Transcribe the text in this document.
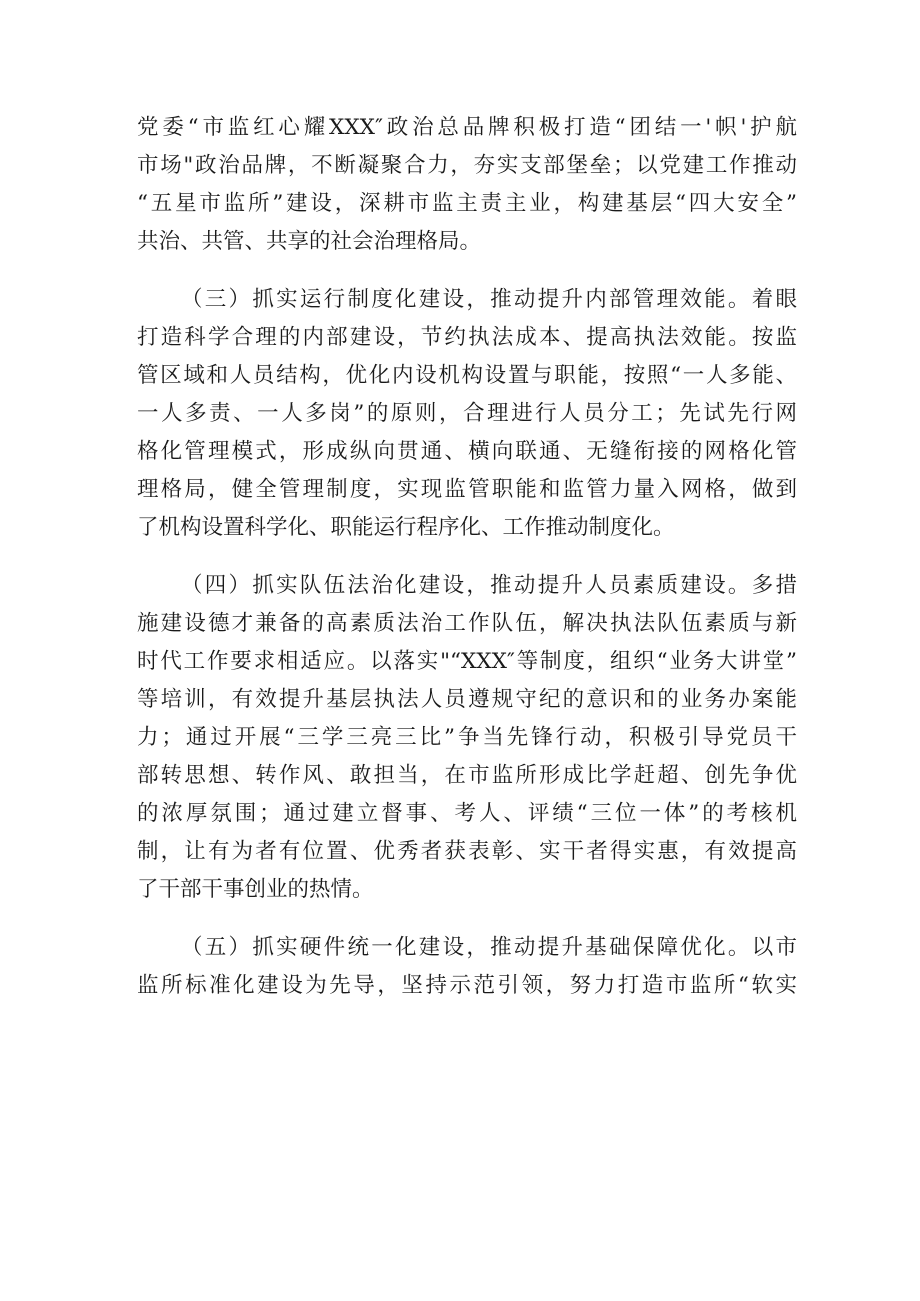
党委“市监红心耀XXX″政治总品牌积极打造“团结一'帜'护航
市场"政治品牌，不断凝聚合力，夯实支部堡垒；以党建工作推动
“五星市监所”建设，深耕市监主责主业，构建基层“四大安全”
共治、共管、共享的社会治理格局。
（三）抓实运行制度化建设，推动提升内部管理效能。着眼
打造科学合理的内部建设，节约执法成本、提高执法效能。按监
管区域和人员结构，优化内设机构设置与职能，按照“一人多能、
一人多责、一人多岗”的原则，合理进行人员分工；先试先行网
格化管理模式，形成纵向贯通、横向联通、无缝衔接的网格化管
理格局，健全管理制度，实现监管职能和监管力量入网格，做到
了机构设置科学化、职能运行程序化、工作推动制度化。
（四）抓实队伍法治化建设，推动提升人员素质建设。多措
施建设德才兼备的高素质法治工作队伍，解决执法队伍素质与新
时代工作要求相适应。以落实"“XXX″等制度，组织“业务大讲堂”
等培训，有效提升基层执法人员遵规守纪的意识和的业务办案能
力；通过开展“三学三亮三比”争当先锋行动，积极引导党员干
部转思想、转作风、敢担当，在市监所形成比学赶超、创先争优
的浓厚氛围；通过建立督事、考人、评绩“三位一体”的考核机
制，让有为者有位置、优秀者获表彰、实干者得实惠，有效提高
了干部干事创业的热情。
（五）抓实硬件统一化建设，推动提升基础保障优化。以市
监所标准化建设为先导，坚持示范引领，努力打造市监所“软实
